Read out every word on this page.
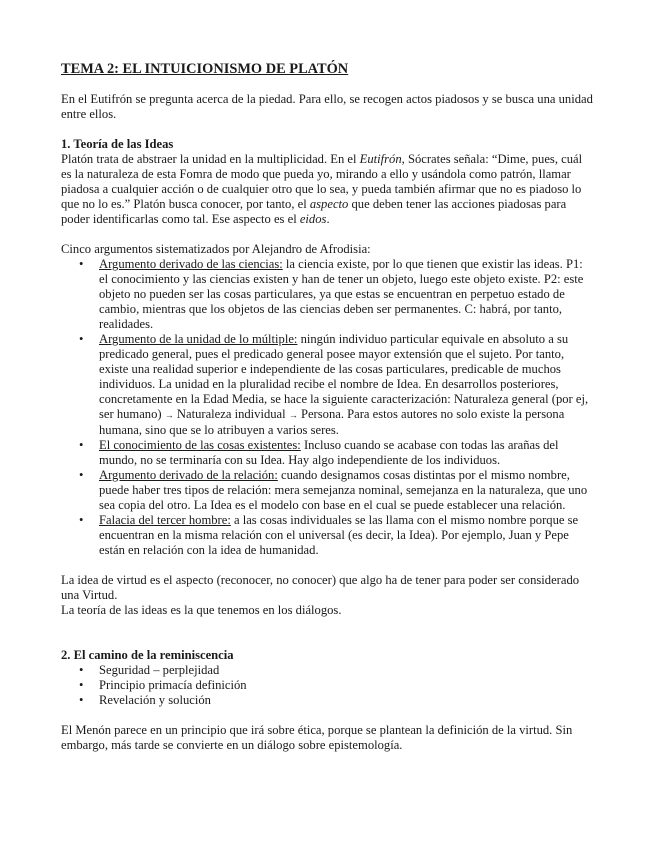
TEMA 2: EL INTUICIONISMO DE PLATÓN

En el Eutifrón se pregunta acerca de la piedad. Para ello, se recogen actos piadosos y se busca una unidad entre ellos.

1. Teoría de las Ideas

Platón trata de abstraer la unidad en la multiplicidad. En el Eutifrón, Sócrates señala: “Dime, pues, cuál es la naturaleza de esta Fomra de modo que pueda yo, mirando a ello y usándola como patrón, llamar piadosa a cualquier acción o de cualquier otro que lo sea, y pueda también afirmar que no es piadoso lo que no lo es.” Platón busca conocer, por tanto, el aspecto que deben tener las acciones piadosas para poder identificarlas como tal. Ese aspecto es el eidos.

Cinco argumentos sistematizados por Alejandro de Afrodisia:

• Argumento derivado de las ciencias: la ciencia existe, por lo que tienen que existir las ideas. P1: el conocimiento y las ciencias existen y han de tener un objeto, luego este objeto existe. P2: este objeto no pueden ser las cosas particulares, ya que estas se encuentran en perpetuo estado de cambio, mientras que los objetos de las ciencias deben ser permanentes. C: habrá, por tanto, realidades.
• Argumento de la unidad de lo múltiple: ningún individuo particular equivale en absoluto a su predicado general, pues el predicado general posee mayor extensión que el sujeto. Por tanto, existe una realidad superior e independiente de las cosas particulares, predicable de muchos individuos. La unidad en la pluralidad recibe el nombre de Idea. En desarrollos posteriores, concretamente en la Edad Media, se hace la siguiente caracterización: Naturaleza general (por ej, ser humano) → Naturaleza individual → Persona. Para estos autores no solo existe la persona humana, sino que se lo atribuyen a varios seres.
• El conocimiento de las cosas existentes: Incluso cuando se acabase con todas las arañas del mundo, no se terminaría con su Idea. Hay algo independiente de los individuos.
• Argumento derivado de la relación: cuando designamos cosas distintas por el mismo nombre, puede haber tres tipos de relación: mera semejanza nominal, semejanza en la naturaleza, que uno sea copia del otro. La Idea es el modelo con base en el cual se puede establecer una relación.
• Falacia del tercer hombre: a las cosas individuales se las llama con el mismo nombre porque se encuentran en la misma relación con el universal (es decir, la Idea). Por ejemplo, Juan y Pepe están en relación con la idea de humanidad.

La idea de virtud es el aspecto (reconocer, no conocer) que algo ha de tener para poder ser considerado una Virtud.

La teoría de las ideas es la que tenemos en los diálogos.

2. El camino de la reminiscencia
• Seguridad – perplejidad
• Principio primacía definición
• Revelación y solución

El Menón parece en un principio que irá sobre ética, porque se plantean la definición de la virtud. Sin embargo, más tarde se convierte en un diálogo sobre epistemología.
